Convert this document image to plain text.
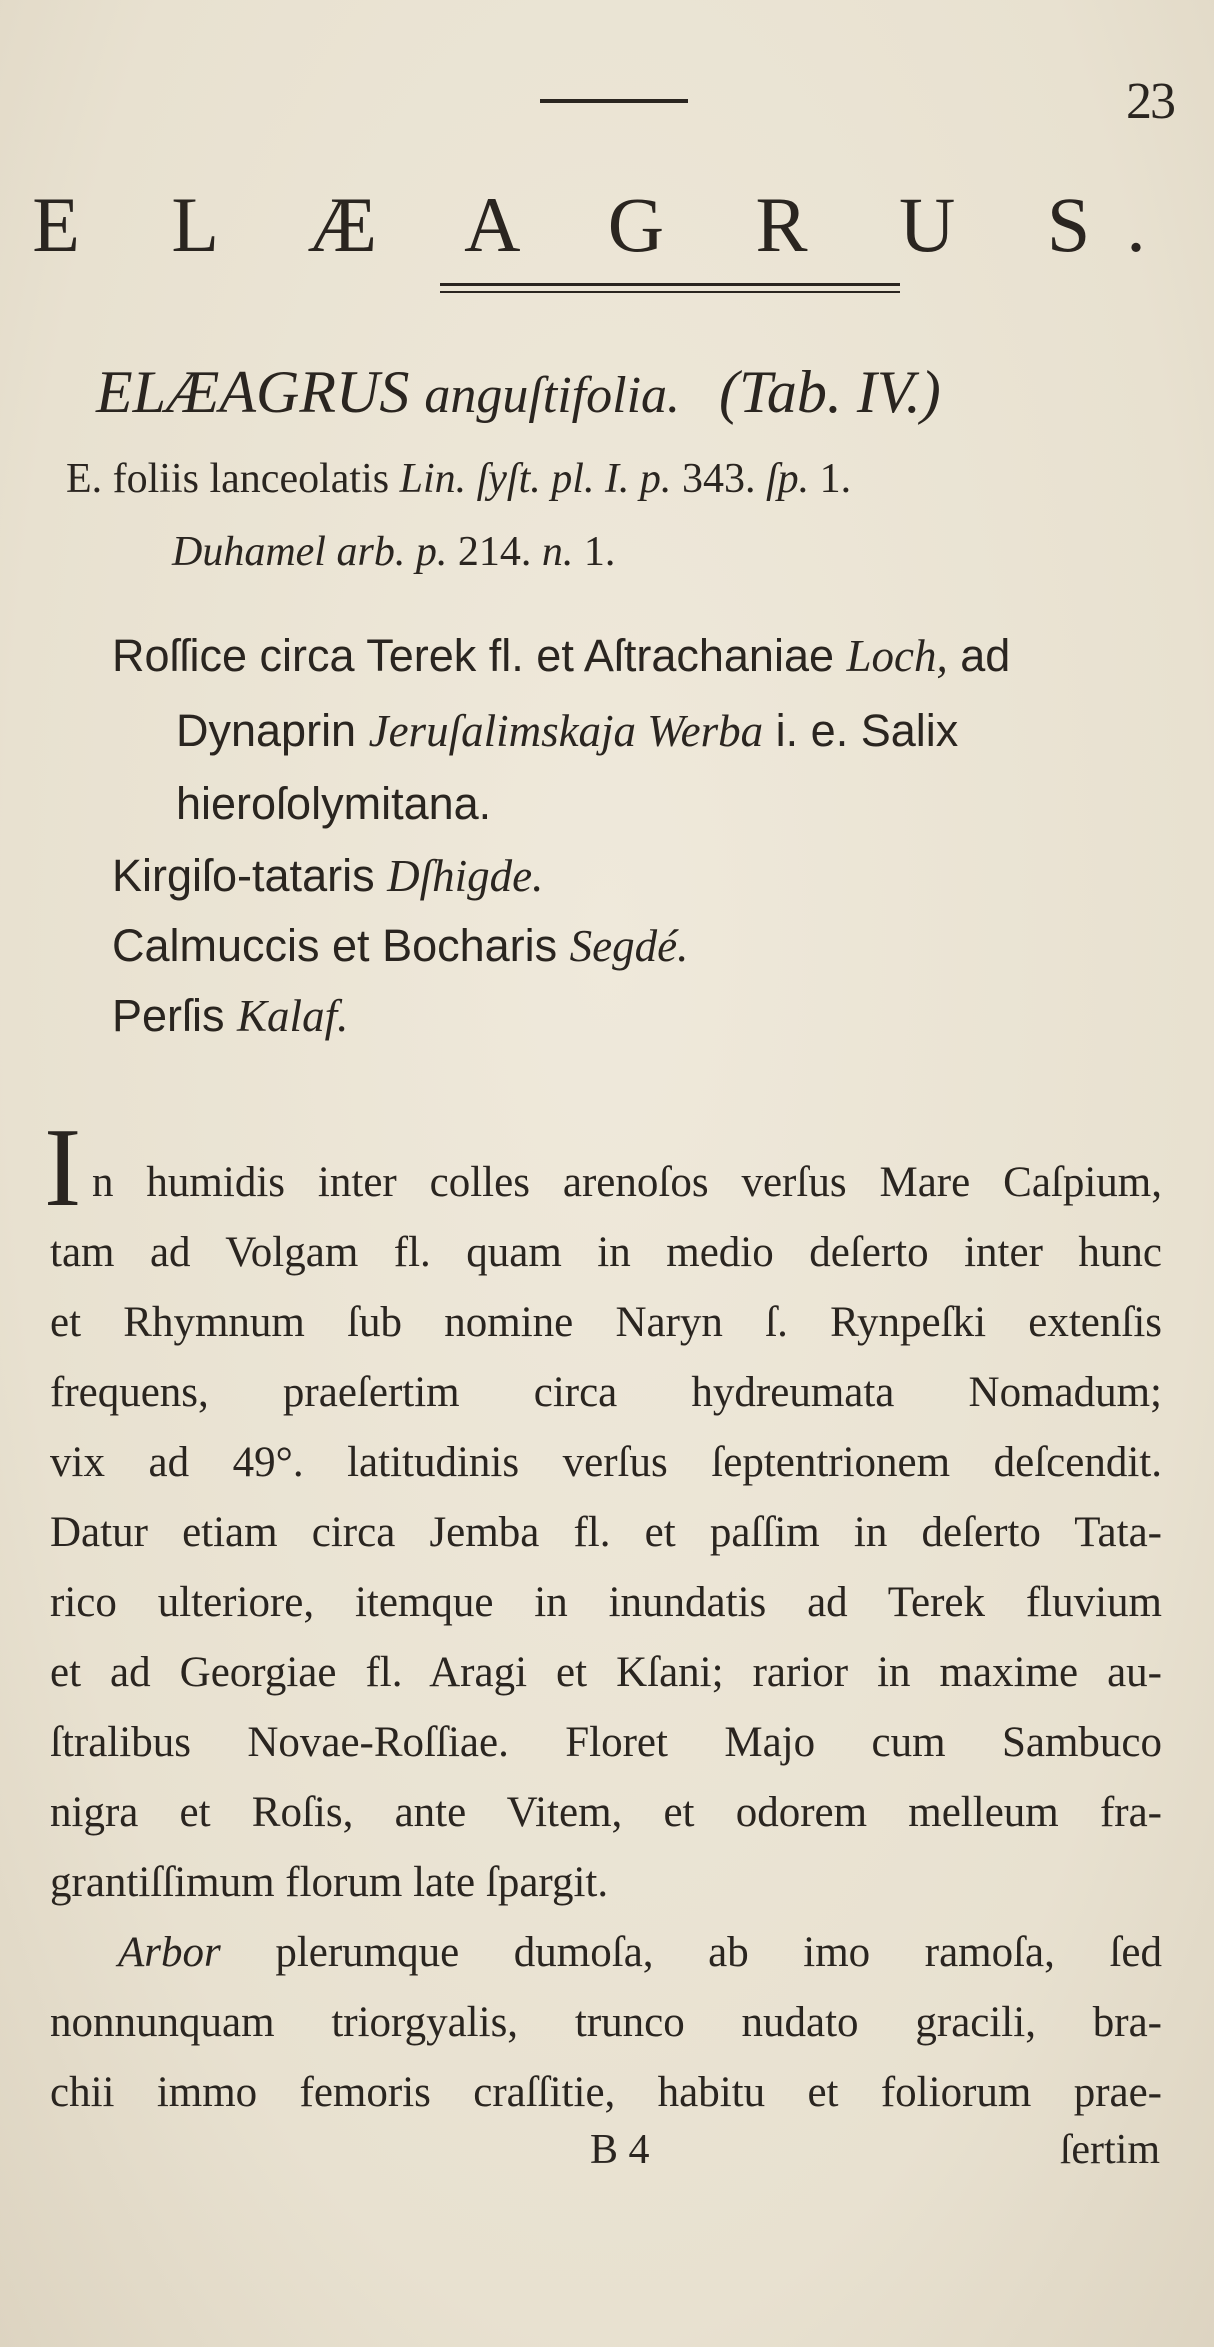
23
E L Æ A G R U S.
ELÆAGRUS anguſtifolia. (Tab. IV.)
E. foliis lanceolatis Lin. ſyſt. pl. I. p. 343. ſp. 1.
Duhamel arb. p. 214. n. 1.
Roſſice circa Terek fl. et Aſtrachaniae Loch, ad
Dynaprin Jeruſalimskaja Werba i. e. Salix
hieroſolymitana.
Kirgiſo-tataris Dſhigde.
Calmuccis et Bocharis Segdé.
Perſis Kalaf.
I n humidis inter colles arenoſos verſus Mare Caſpium,
tam ad Volgam fl. quam in medio deſerto inter hunc
et Rhymnum ſub nomine Naryn ſ. Rynpeſki extenſis
frequens, praeſertim circa hydreumata Nomadum;
vix ad 49°. latitudinis verſus ſeptentrionem deſcendit.
Datur etiam circa Jemba fl. et paſſim in deſerto Tata-
rico ulteriore, itemque in inundatis ad Terek fluvium
et ad Georgiae fl. Aragi et Kſani; rarior in maxime au-
ſtralibus Novae-Roſſiae. Floret Majo cum Sambuco
nigra et Roſis, ante Vitem, et odorem melleum fra-
grantiſſimum florum late ſpargit.
Arbor plerumque dumoſa, ab imo ramoſa, ſed
nonnunquam triorgyalis, trunco nudato gracili, bra-
chii immo femoris craſſitie, habitu et foliorum prae-
B 4	ſertim
